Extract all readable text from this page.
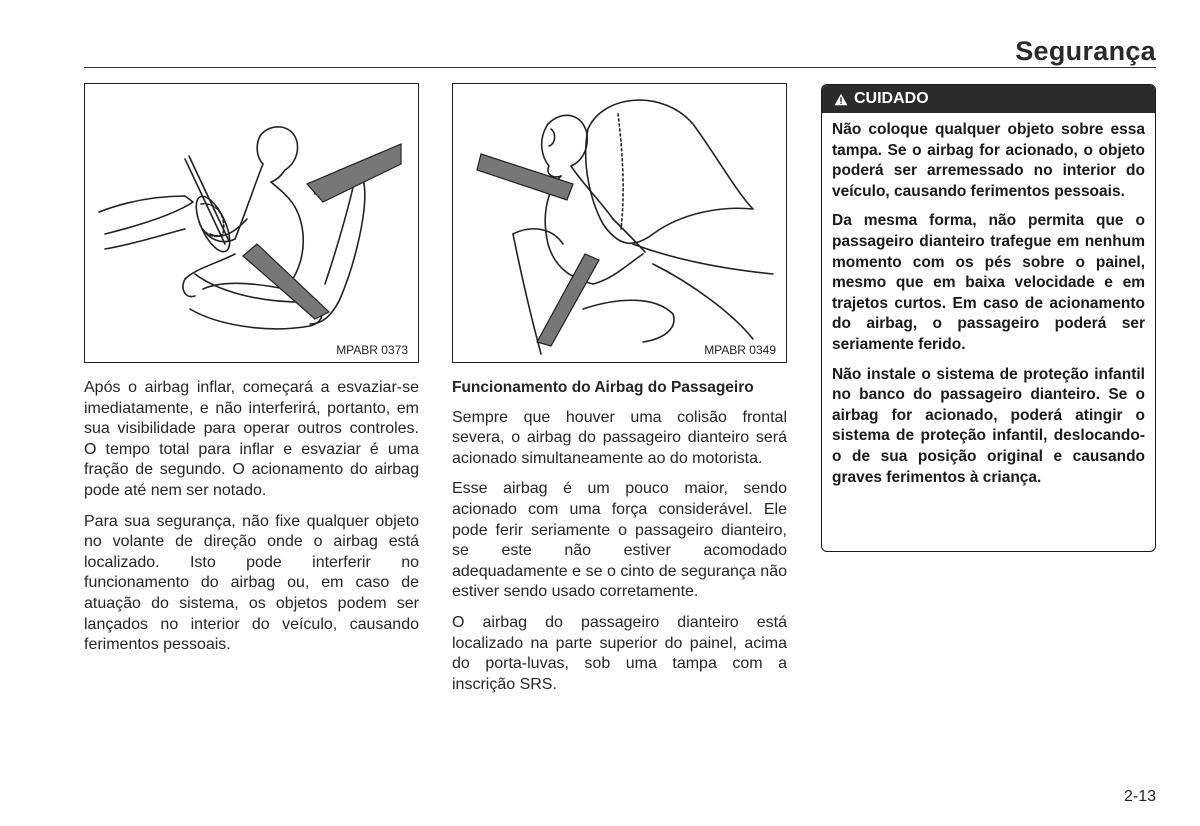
Segurança
MPABR 0373	MPABR 0349

Após o airbag inflar, começará a esvaziar-se imediatamente, e não interferirá, portanto, em sua visibilidade para operar outros controles. O tempo total para inflar e esvaziar é uma fração de segundo. O acionamento do airbag pode até nem ser notado.

Para sua segurança, não fixe qualquer objeto no volante de direção onde o airbag está localizado. Isto pode interferir no funcionamento do airbag ou, em caso de atuação do sistema, os objetos podem ser lançados no interior do veículo, causando ferimentos pessoais.

Funcionamento do Airbag do Passageiro

Sempre que houver uma colisão frontal severa, o airbag do passageiro dianteiro será acionado simultaneamente ao do motorista.

Esse airbag é um pouco maior, sendo acionado com uma força considerável. Ele pode ferir seriamente o passageiro dianteiro, se este não estiver acomodado adequadamente e se o cinto de segurança não estiver sendo usado corretamente.

O airbag do passageiro dianteiro está localizado na parte superior do painel, acima do porta-luvas, sob uma tampa com a inscrição SRS.

CUIDADO

Não coloque qualquer objeto sobre essa tampa. Se o airbag for acionado, o objeto poderá ser arremessado no interior do veículo, causando ferimentos pessoais.

Da mesma forma, não permita que o passageiro dianteiro trafegue em nenhum momento com os pés sobre o painel, mesmo que em baixa velocidade e em trajetos curtos. Em caso de acionamento do airbag, o passageiro poderá ser seriamente ferido.

Não instale o sistema de proteção infantil no banco do passageiro dianteiro. Se o airbag for acionado, poderá atingir o sistema de proteção infantil, deslocando-o de sua posição original e causando graves ferimentos à criança.

2-13
